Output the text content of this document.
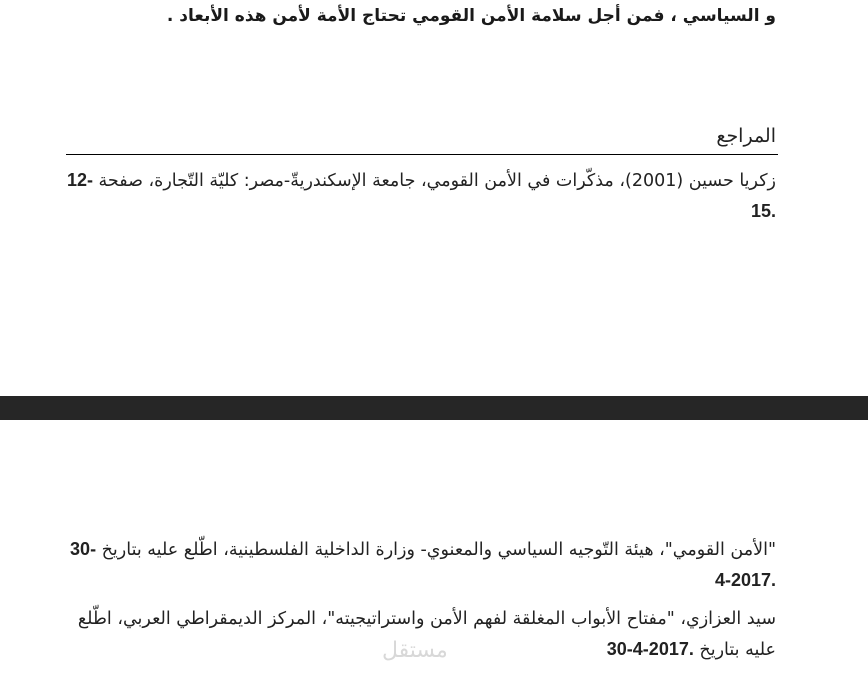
و السياسي ، فمن أجل سلامة الأمن القومي تحتاج الأمة لأمن هذه الأبعاد .
المراجع
زكريا حسين (2001)، مذكّرات في الأمن القومي، جامعة الإسكندريةّ-مصر: كليّة التّجارة، صفحة 12-15.
"الأمن القومي"، هيئة التّوجيه السياسي والمعنوي- وزارة الداخلية الفلسطينية، اطّلع عليه بتاريخ 30-4-2017.
سيد العزازي، "مفتاح الأبواب المغلقة لفهم الأمن واستراتيجيته"، المركز الديمقراطي العربي، اطّلع عليه بتاريخ 30-4-2017.
مستقل
